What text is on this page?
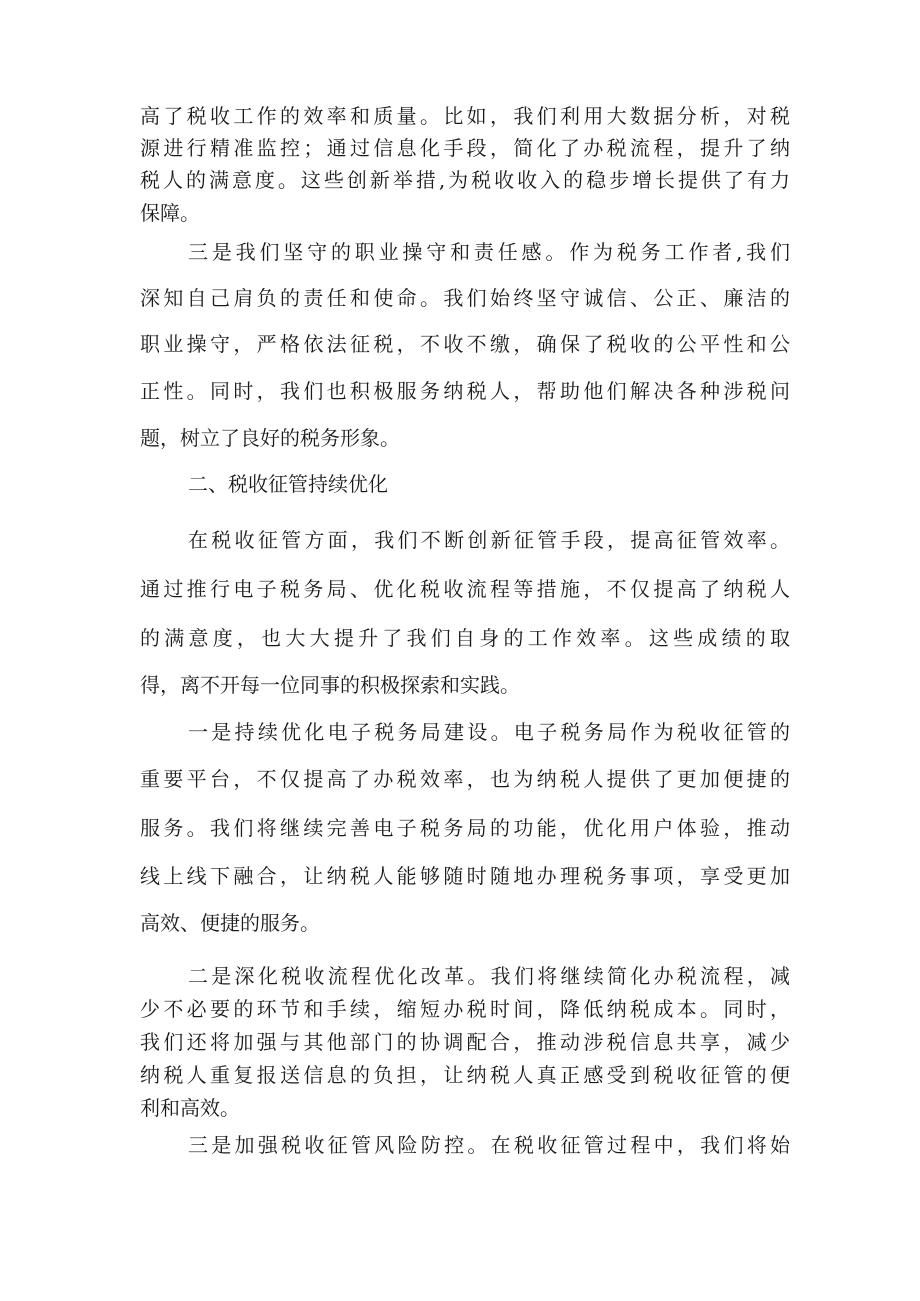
高了税收工作的效率和质量。比如，我们利用大数据分析，对税
源进行精准监控；通过信息化手段，简化了办税流程，提升了纳
税人的满意度。这些创新举措,为税收收入的稳步增长提供了有力
保障。
三是我们坚守的职业操守和责任感。作为税务工作者,我们
深知自己肩负的责任和使命。我们始终坚守诚信、公正、廉洁的
职业操守，严格依法征税，不收不缴，确保了税收的公平性和公
正性。同时，我们也积极服务纳税人，帮助他们解决各种涉税问
题，树立了良好的税务形象。
二、税收征管持续优化
在税收征管方面，我们不断创新征管手段，提高征管效率。
通过推行电子税务局、优化税收流程等措施，不仅提高了纳税人
的满意度，也大大提升了我们自身的工作效率。这些成绩的取
得，离不开每一位同事的积极探索和实践。
一是持续优化电子税务局建设。电子税务局作为税收征管的
重要平台，不仅提高了办税效率，也为纳税人提供了更加便捷的
服务。我们将继续完善电子税务局的功能，优化用户体验，推动
线上线下融合，让纳税人能够随时随地办理税务事项，享受更加
高效、便捷的服务。
二是深化税收流程优化改革。我们将继续简化办税流程，减
少不必要的环节和手续，缩短办税时间，降低纳税成本。同时，
我们还将加强与其他部门的协调配合，推动涉税信息共享，减少
纳税人重复报送信息的负担，让纳税人真正感受到税收征管的便
利和高效。
三是加强税收征管风险防控。在税收征管过程中，我们将始
